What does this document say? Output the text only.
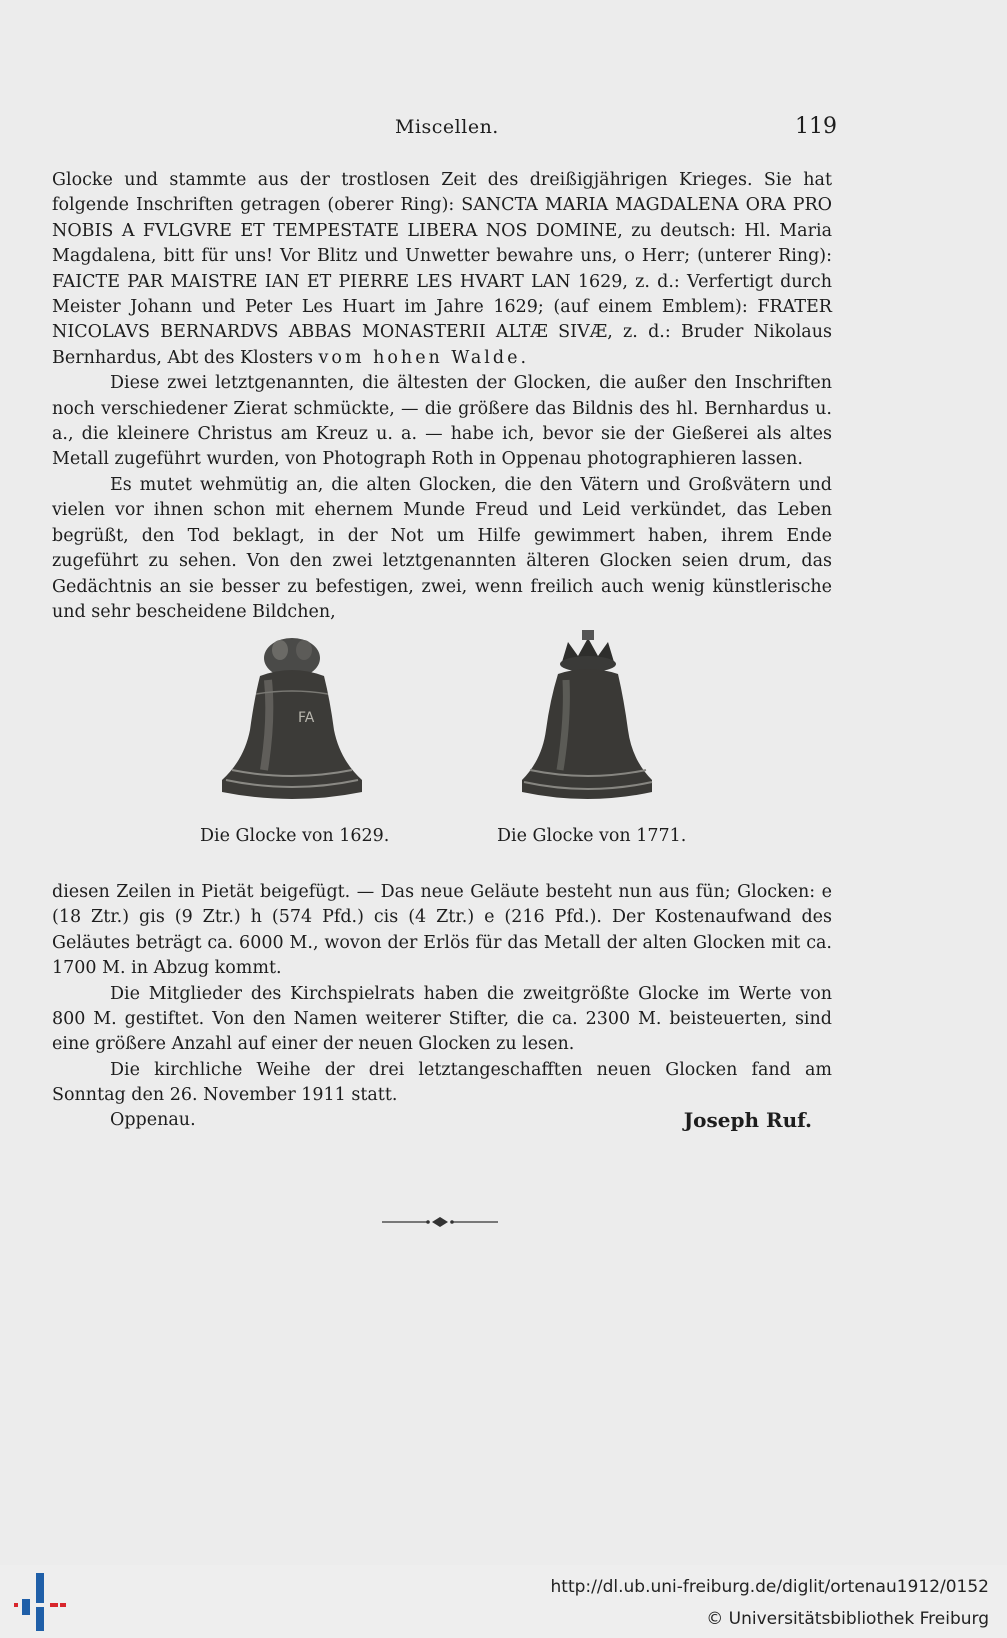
Miscellen.	119

Glocke und stammte aus der trostlosen Zeit des dreißigjährigen Krieges. Sie hat folgende Inschriften getragen (oberer Ring): SANCTA MARIA MAGDALENA ORA PRO NOBIS A FVLGVRE ET TEMPESTATE LIBERA NOS DOMINE, zu deutsch: Hl. Maria Magdalena, bitt für uns! Vor Blitz und Unwetter bewahre uns, o Herr; (unterer Ring): FAICTE PAR MAISTRE IAN ET PIERRE LES HVART LAN 1629, z. d.: Verfertigt durch Meister Johann und Peter Les Huart im Jahre 1629; (auf einem Emblem): FRATER NICOLAVS BERNARDVS ABBAS MONASTERII ALTÆ SIVÆ, z. d.: Bruder Nikolaus Bernhardus, Abt des Klosters vom hohen Walde.

Diese zwei letztgenannten, die ältesten der Glocken, die außer den Inschriften noch verschiedener Zierat schmückte, — die größere das Bildnis des hl. Bernhardus u. a., die kleinere Christus am Kreuz u. a. — habe ich, bevor sie der Gießerei als altes Metall zugeführt wurden, von Photograph Roth in Oppenau photographieren lassen.

Es mutet wehmütig an, die alten Glocken, die den Vätern und Großvätern und vielen vor ihnen schon mit ehernem Munde Freud und Leid verkündet, das Leben begrüßt, den Tod beklagt, in der Not um Hilfe gewimmert haben, ihrem Ende zugeführt zu sehen. Von den zwei letztgenannten älteren Glocken seien drum, das Gedächtnis an sie besser zu befestigen, zwei, wenn freilich auch wenig künstlerische und sehr bescheidene Bildchen,

FA
Die Glocke von 1629.	Die Glocke von 1771.

diesen Zeilen in Pietät beigefügt. — Das neue Geläute besteht nun aus fün; Glocken: e (18 Ztr.) gis (9 Ztr.) h (574 Pfd.) cis (4 Ztr.) e (216 Pfd.). Der Kostenaufwand des Geläutes beträgt ca. 6000 M., wovon der Erlös für das Metall der alten Glocken mit ca. 1700 M. in Abzug kommt.

Die Mitglieder des Kirchspielrats haben die zweitgrößte Glocke im Werte von 800 M. gestiftet. Von den Namen weiterer Stifter, die ca. 2300 M. beisteuerten, sind eine größere Anzahl auf einer der neuen Glocken zu lesen.

Die kirchliche Weihe der drei letztangeschafften neuen Glocken fand am Sonntag den 26. November 1911 statt.

Oppenau.	Joseph Ruf.
http://dl.ub.uni-freiburg.de/diglit/ortenau1912/0152
© Universitätsbibliothek Freiburg
